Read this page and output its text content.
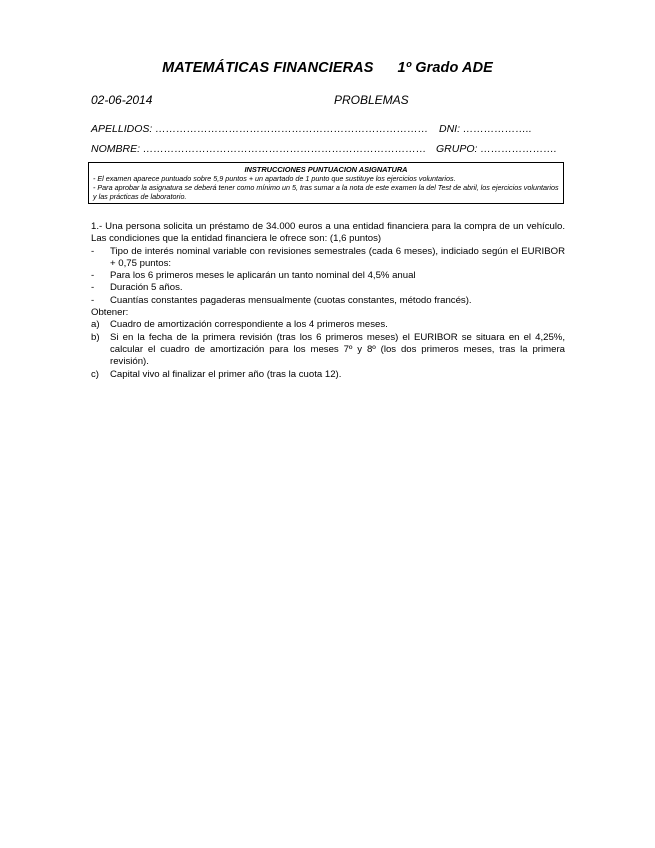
MATEMÁTICAS FINANCIERAS 1º Grado ADE
02-06-2014	PROBLEMAS
APELLIDOS: …………………………………………………………………… DNI: ………………..
NOMBRE: ……………………………………………………………………… GRUPO: ………………….
INSTRUCCIONES PUNTUACION ASIGNATURA
- El examen aparece puntuado sobre 5,9 puntos + un apartado de 1 punto que sustituye los ejercicios voluntarios.
- Para aprobar la asignatura se deberá tener como mínimo un 5, tras sumar a la nota de este examen la del Test de abril, los ejercicios voluntarios y las prácticas de laboratorio.

1.- Una persona solicita un préstamo de 34.000 euros a una entidad financiera para la compra de un vehículo. Las condiciones que la entidad financiera le ofrece son: (1,6 puntos)

- Tipo de interés nominal variable con revisiones semestrales (cada 6 meses), indiciado según el EURIBOR + 0,75 puntos:

- Para los 6 primeros meses le aplicarán un tanto nominal del 4,5% anual

- Duración 5 años.

- Cuantías constantes pagaderas mensualmente (cuotas constantes, método francés).

Obtener:

a) Cuadro de amortización correspondiente a los 4 primeros meses.

b) Si en la fecha de la primera revisión (tras los 6 primeros meses) el EURIBOR se situara en el 4,25%, calcular el cuadro de amortización para los meses 7º y 8º (los dos primeros meses, tras la primera revisión).

c) Capital vivo al finalizar el primer año (tras la cuota 12).
